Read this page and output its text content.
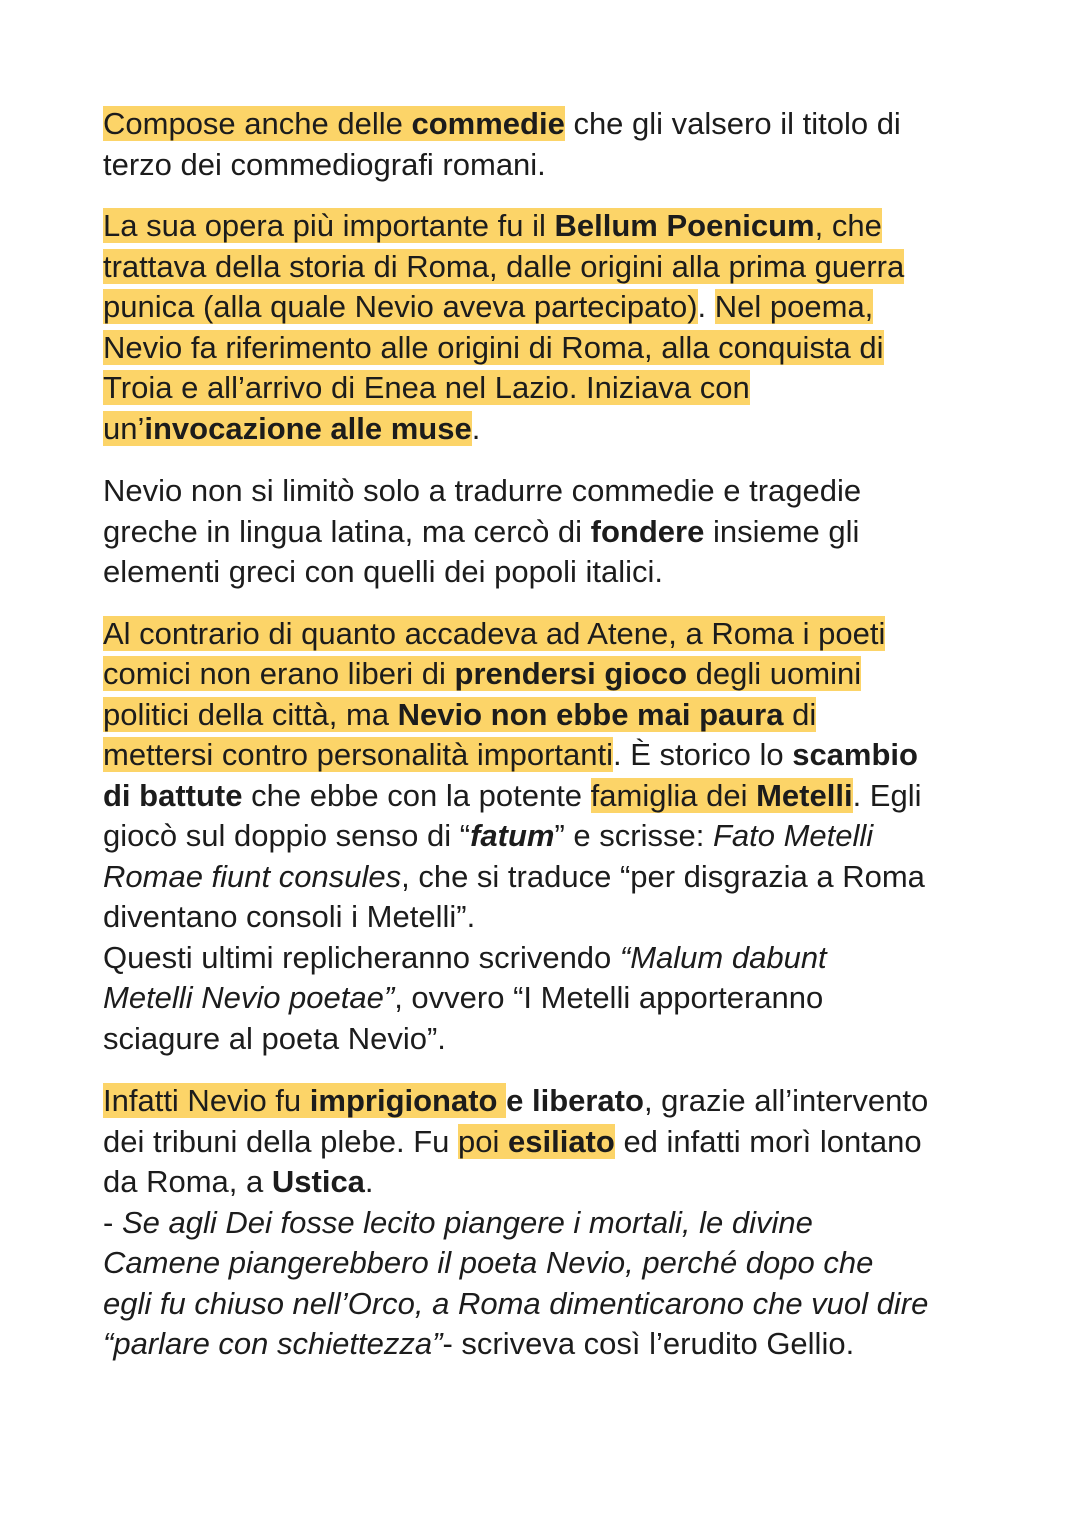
Compose anche delle commedie che gli valsero il titolo di
terzo dei commediografi romani.

La sua opera più importante fu il Bellum Poenicum, che
trattava della storia di Roma, dalle origini alla prima guerra
punica (alla quale Nevio aveva partecipato). Nel poema,
Nevio fa riferimento alle origini di Roma, alla conquista di
Troia e all’arrivo di Enea nel Lazio. Iniziava con
un’invocazione alle muse.

Nevio non si limitò solo a tradurre commedie e tragedie
greche in lingua latina, ma cercò di fondere insieme gli
elementi greci con quelli dei popoli italici.

Al contrario di quanto accadeva ad Atene, a Roma i poeti
comici non erano liberi di prendersi gioco degli uomini
politici della città, ma Nevio non ebbe mai paura di
mettersi contro personalità importanti. È storico lo scambio
di battute che ebbe con la potente famiglia dei Metelli. Egli
giocò sul doppio senso di “fatum” e scrisse: Fato Metelli
Romae fiunt consules, che si traduce “per disgrazia a Roma
diventano consoli i Metelli”.
Questi ultimi replicheranno scrivendo “Malum dabunt
Metelli Nevio poetae”, ovvero “I Metelli apporteranno
sciagure al poeta Nevio”.

Infatti Nevio fu imprigionato e liberato, grazie all’intervento
dei tribuni della plebe. Fu poi esiliato ed infatti morì lontano
da Roma, a Ustica.
- Se agli Dei fosse lecito piangere i mortali, le divine
Camene piangerebbero il poeta Nevio, perché dopo che
egli fu chiuso nell’Orco, a Roma dimenticarono che vuol dire
“parlare con schiettezza”- scriveva così l’erudito Gellio.
